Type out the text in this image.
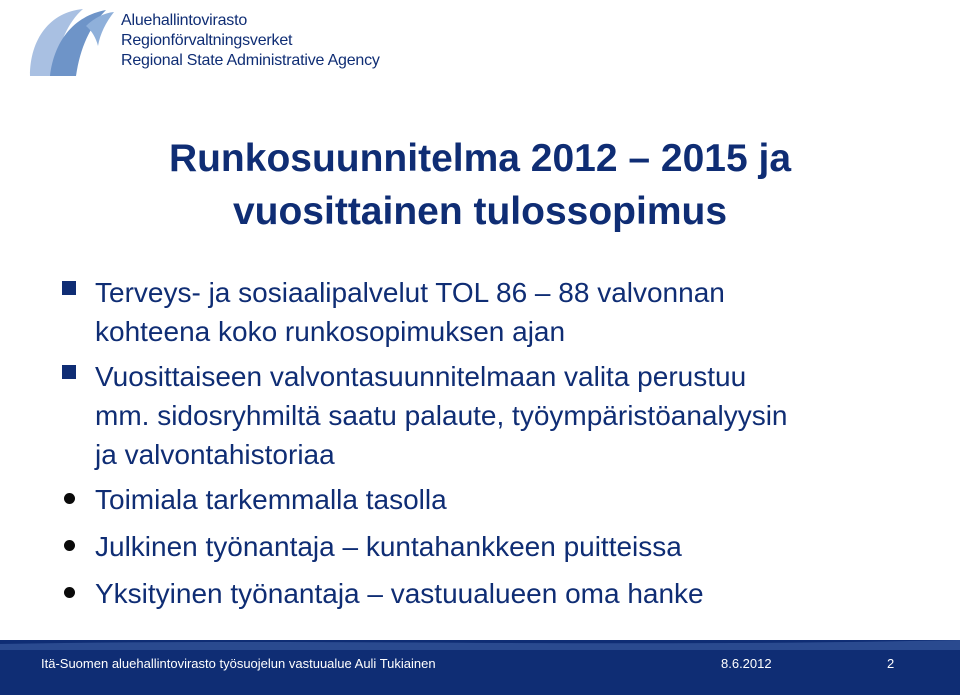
Aluehallintovirasto
Regionförvaltningsverket
Regional State Administrative Agency
Runkosuunnitelma 2012 – 2015 ja
vuosittainen tulossopimus
Terveys- ja sosiaalipalvelut TOL 86 – 88 valvonnan
kohteena koko runkosopimuksen ajan
Vuosittaiseen valvontasuunnitelmaan valita perustuu
mm. sidosryhmiltä saatu palaute, työympäristöanalyysin
ja valvontahistoriaa
Toimiala tarkemmalla tasolla
Julkinen työnantaja – kuntahankkeen puitteissa
Yksityinen työnantaja – vastuualueen oma hanke
Itä-Suomen aluehallintovirasto työsuojelun vastuualue Auli Tukiainen	8.6.2012	2
